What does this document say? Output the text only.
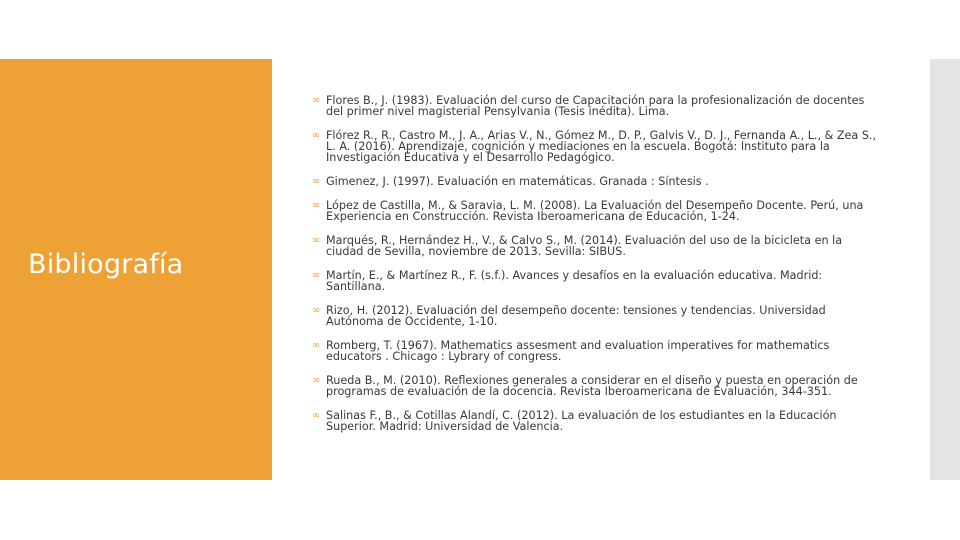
Bibliografía
∞ Flores B., J. (1983). Evaluación del curso de Capacitación para la profesionalización de docentes del primer nivel magisterial Pensylvania (Tesis inédita). Lima.
∞ Flórez R., R., Castro M., J. A., Arias V., N., Gómez M., D. P., Galvis V., D. J., Fernanda A., L., & Zea S., L. A. (2016). Aprendizaje, cognición y mediaciones en la escuela. Bogotá: Instituto para la Investigación Educativa y el Desarrollo Pedagógico.
∞ Gimenez, J. (1997). Evaluación en matemáticas. Granada : Síntesis .
∞ López de Castilla, M., & Saravia, L. M. (2008). La Evaluación del Desempeño Docente. Perú, una Experiencia en Construcción. Revista Iberoamericana de Educación, 1-24.
∞ Marqués, R., Hernández H., V., & Calvo S., M. (2014). Evaluación del uso de la bicicleta en la ciudad de Sevilla, noviembre de 2013. Sevilla: SIBUS.
∞ Martín, E., & Martínez R., F. (s.f.). Avances y desafíos en la evaluación educativa. Madrid: Santillana.
∞ Rizo, H. (2012). Evaluación del desempeño docente: tensiones y tendencias. Universidad Autónoma de Occidente, 1-10.
∞ Romberg, T. (1967). Mathematics assesment and evaluation imperatives for mathematics educators . Chicago : Lybrary of congress.
∞ Rueda B., M. (2010). Reflexiones generales a considerar en el diseño y puesta en operación de programas de evaluación de la docencia. Revista Iberoamericana de Evaluación, 344-351.
∞ Salinas F., B., & Cotillas Alandí, C. (2012). La evaluación de los estudiantes en la Educación Superior. Madrid: Universidad de Valencia.
